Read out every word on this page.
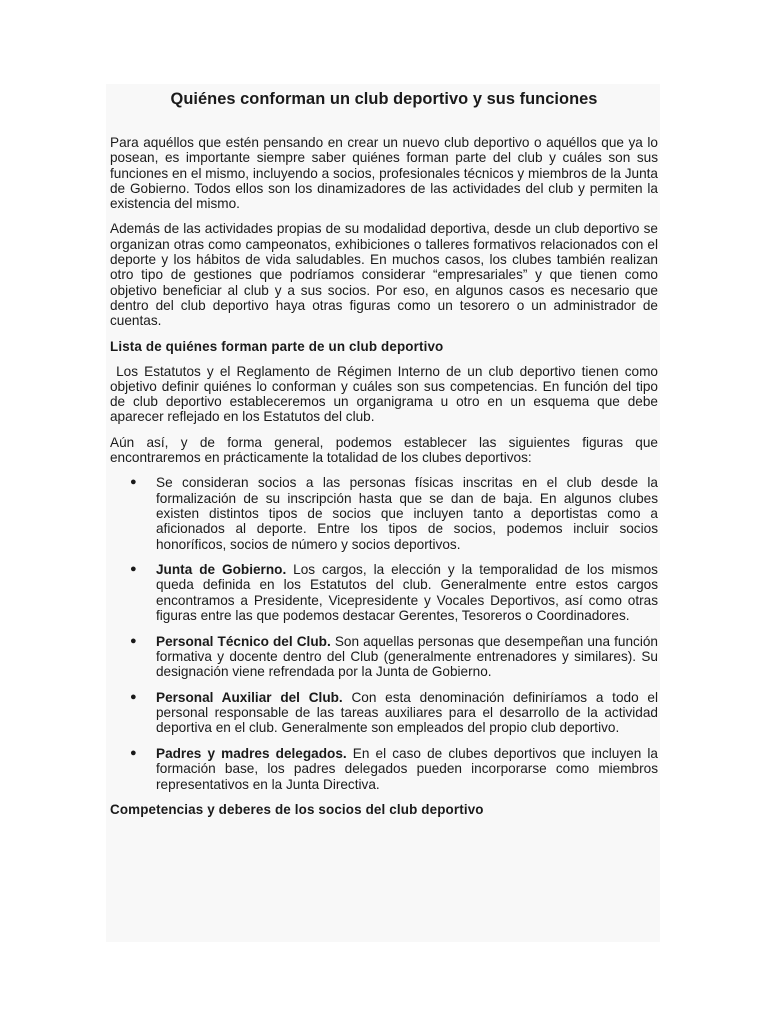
Quiénes conforman un club deportivo y sus funciones

Para aquéllos que estén pensando en crear un nuevo club deportivo o aquéllos que ya lo posean, es importante siempre saber quiénes forman parte del club y cuáles son sus funciones en el mismo, incluyendo a socios, profesionales técnicos y miembros de la Junta de Gobierno. Todos ellos son los dinamizadores de las actividades del club y permiten la existencia del mismo.

Además de las actividades propias de su modalidad deportiva, desde un club deportivo se organizan otras como campeonatos, exhibiciones o talleres formativos relacionados con el deporte y los hábitos de vida saludables. En muchos casos, los clubes también realizan otro tipo de gestiones que podríamos considerar “empresariales” y que tienen como objetivo beneficiar al club y a sus socios. Por eso, en algunos casos es necesario que dentro del club deportivo haya otras figuras como un tesorero o un administrador de cuentas.

Lista de quiénes forman parte de un club deportivo

Los Estatutos y el Reglamento de Régimen Interno de un club deportivo tienen como objetivo definir quiénes lo conforman y cuáles son sus competencias. En función del tipo de club deportivo estableceremos un organigrama u otro en un esquema que debe aparecer reflejado en los Estatutos del club.

Aún así, y de forma general, podemos establecer las siguientes figuras que encontraremos en prácticamente la totalidad de los clubes deportivos:

● Se consideran socios a las personas físicas inscritas en el club desde la formalización de su inscripción hasta que se dan de baja. En algunos clubes existen distintos tipos de socios que incluyen tanto a deportistas como a aficionados al deporte. Entre los tipos de socios, podemos incluir socios honoríficos, socios de número y socios deportivos.
● Junta de Gobierno. Los cargos, la elección y la temporalidad de los mismos queda definida en los Estatutos del club. Generalmente entre estos cargos encontramos a Presidente, Vicepresidente y Vocales Deportivos, así como otras figuras entre las que podemos destacar Gerentes, Tesoreros o Coordinadores.
● Personal Técnico del Club. Son aquellas personas que desempeñan una función formativa y docente dentro del Club (generalmente entrenadores y similares). Su designación viene refrendada por la Junta de Gobierno.
● Personal Auxiliar del Club. Con esta denominación definiríamos a todo el personal responsable de las tareas auxiliares para el desarrollo de la actividad deportiva en el club. Generalmente son empleados del propio club deportivo.
● Padres y madres delegados. En el caso de clubes deportivos que incluyen la formación base, los padres delegados pueden incorporarse como miembros representativos en la Junta Directiva.
Competencias y deberes de los socios del club deportivo
